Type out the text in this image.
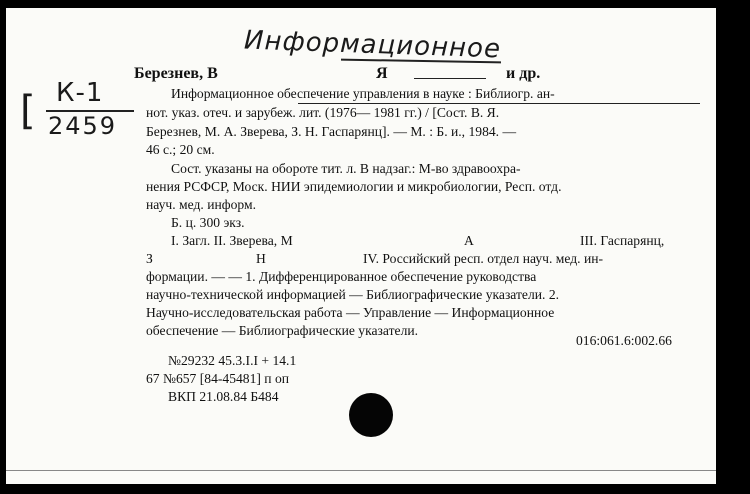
Информационное
[ К-1
2459
Березнев, В	Я	и др.
Информационное обеспечение управления в науке : Библиогр. ан-
нот. указ. отеч. и зарубеж. лит. (1976— 1981 гг.) / [Сост. В. Я.
Березнев, М. А. Зверева, З. Н. Гаспарянц]. — М. : Б. и., 1984. —
46 с.; 20 см.
Сост. указаны на обороте тит. л. В надзаг.: М-во здравоохра-
нения РСФСР, Моск. НИИ эпидемиологии и микробиологии, Респ. отд.
науч. мед. информ.
Б. ц. 300 экз.
I. Загл. II. Зверева, М	А	III. Гаспарянц,
З	Н	IV. Российский респ. отдел науч. мед. ин-
формации. — — 1. Дифференцированное обеспечение руководства
научно-технической информацией — Библиографические указатели. 2.
Научно-исследовательская работа — Управление — Информационное
обеспечение — Библиографические указатели.
016:061.6:002.66
№29232 45.3.I.I + 14.1
67 №657 [84-45481] п оп
ВКП 21.08.84 Б484
